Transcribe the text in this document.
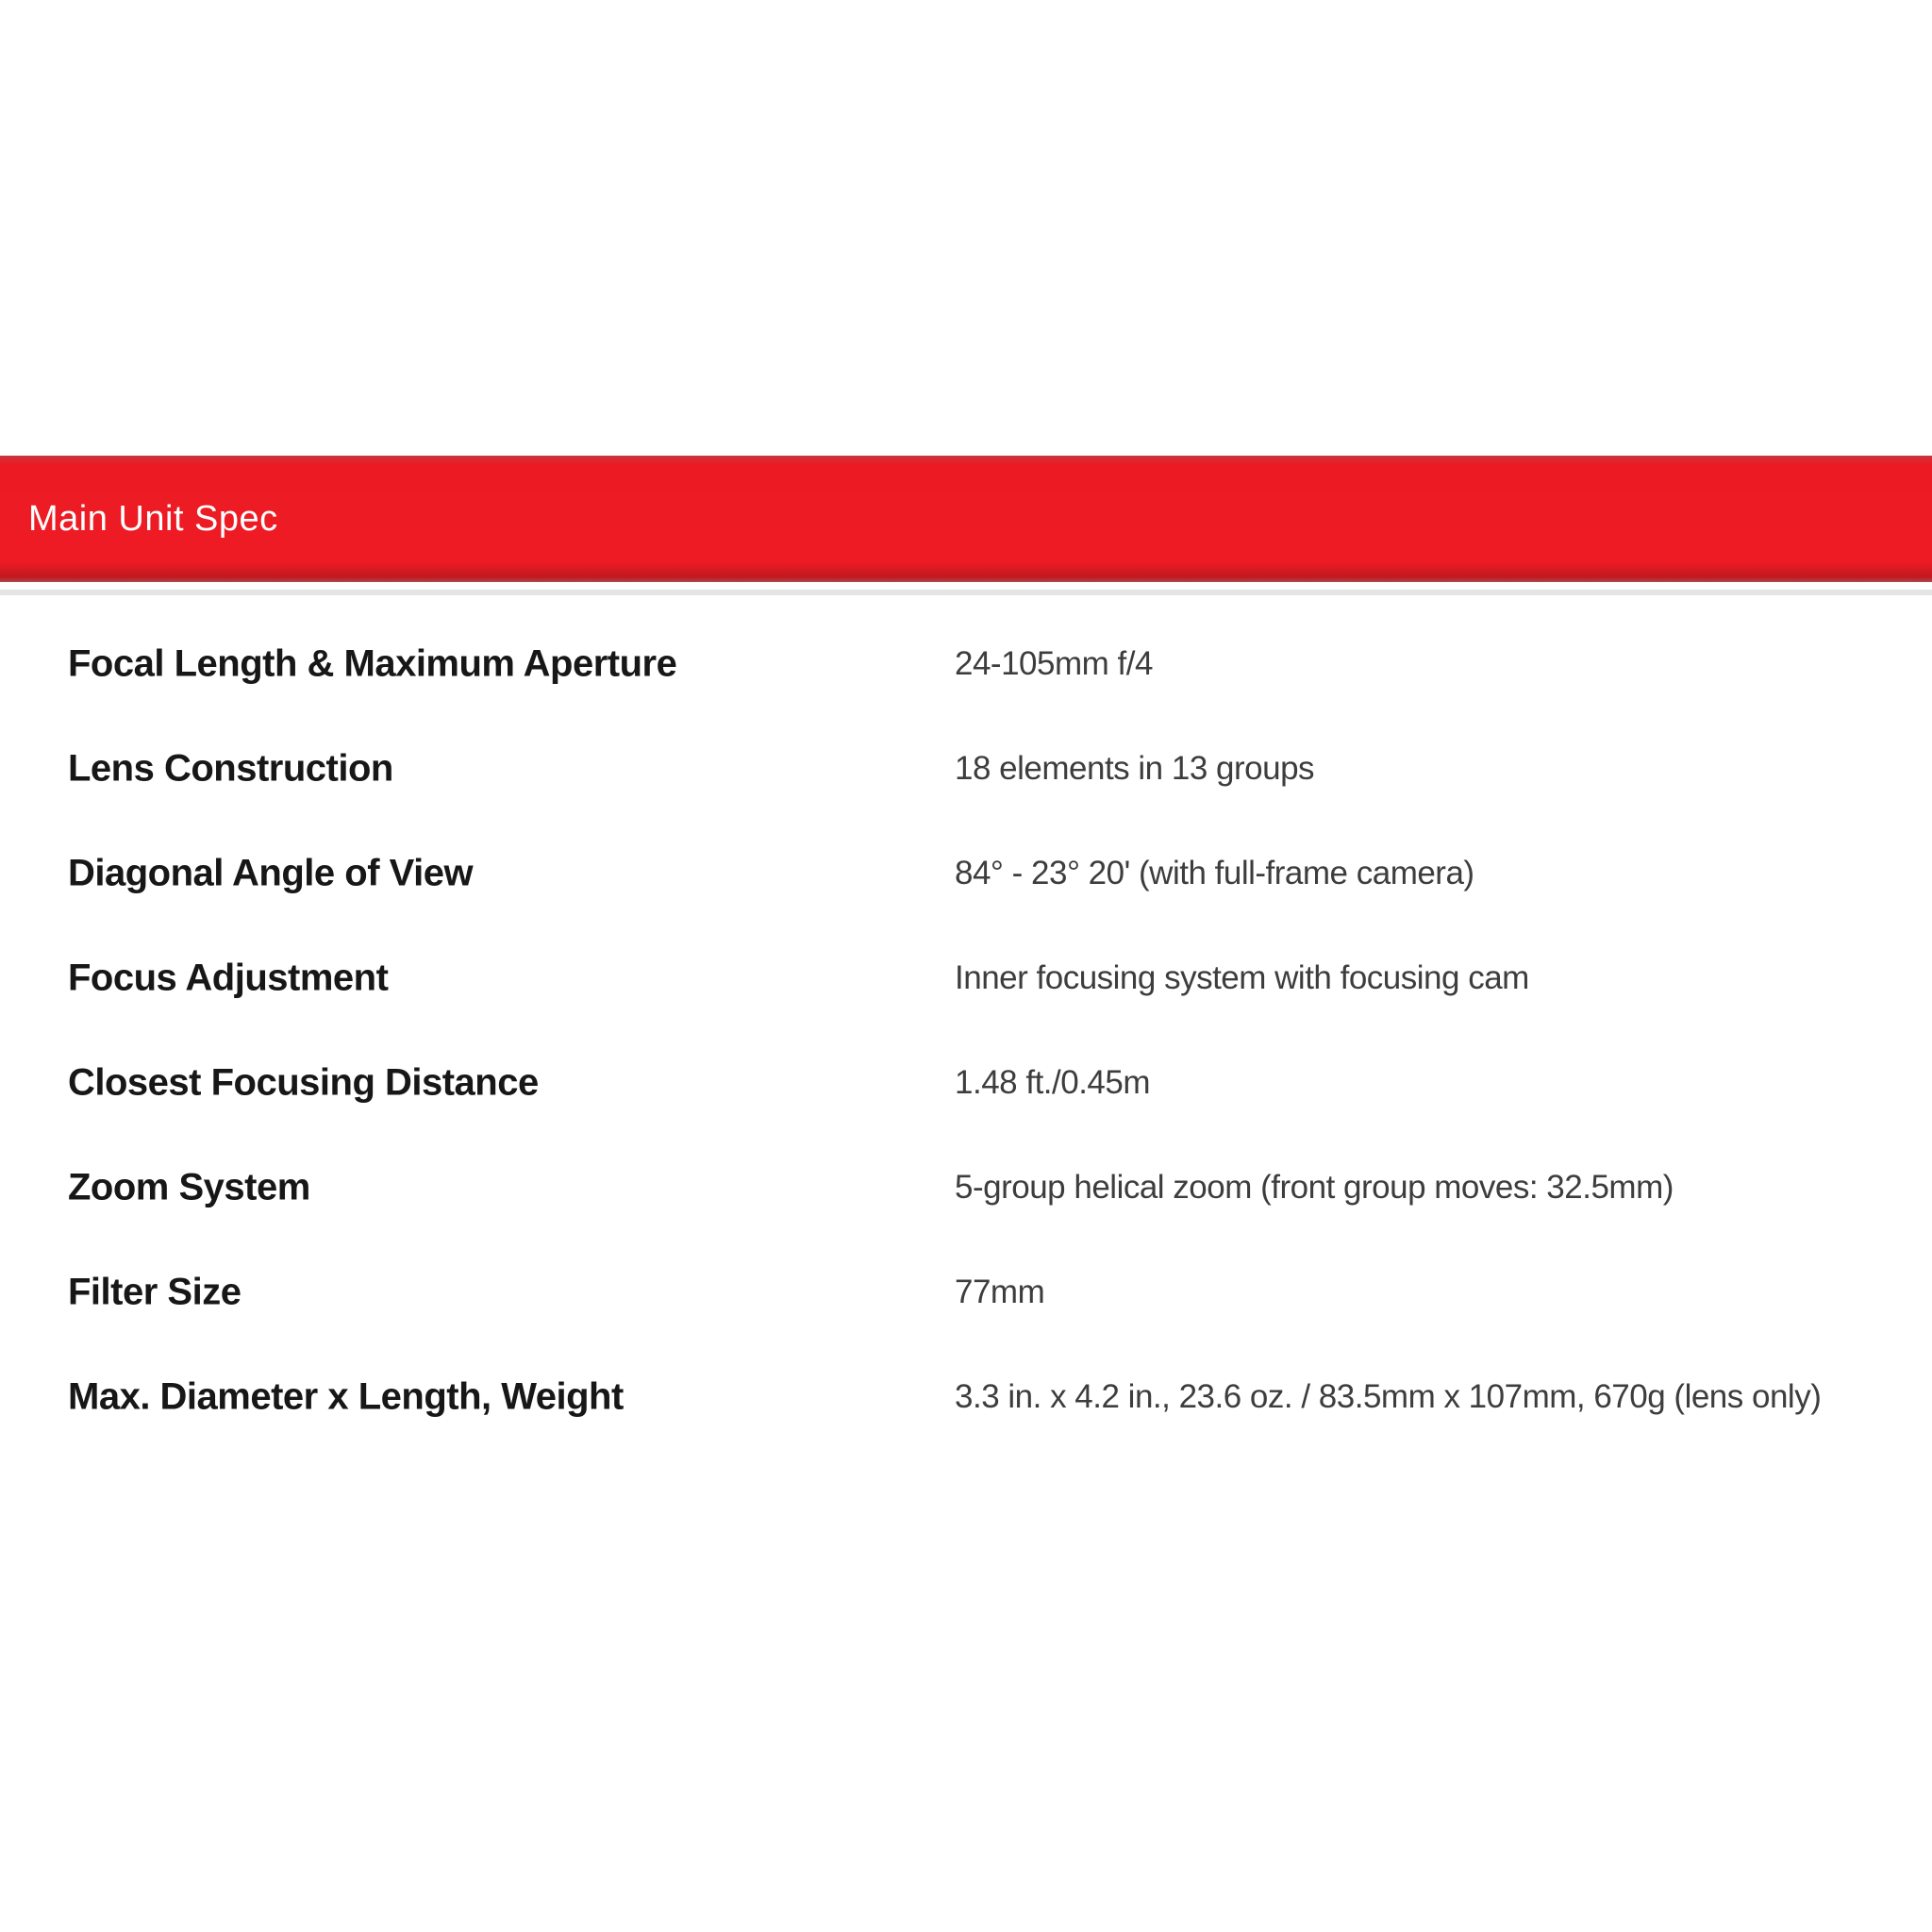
Main Unit Spec
Focal Length & Maximum Aperture	24-105mm f/4
Lens Construction	18 elements in 13 groups
Diagonal Angle of View	84° - 23° 20' (with full-frame camera)
Focus Adjustment	Inner focusing system with focusing cam
Closest Focusing Distance	1.48 ft./0.45m
Zoom System	5-group helical zoom (front group moves: 32.5mm)
Filter Size	77mm
Max. Diameter x Length, Weight	3.3 in. x 4.2 in., 23.6 oz. / 83.5mm x 107mm, 670g (lens only)
